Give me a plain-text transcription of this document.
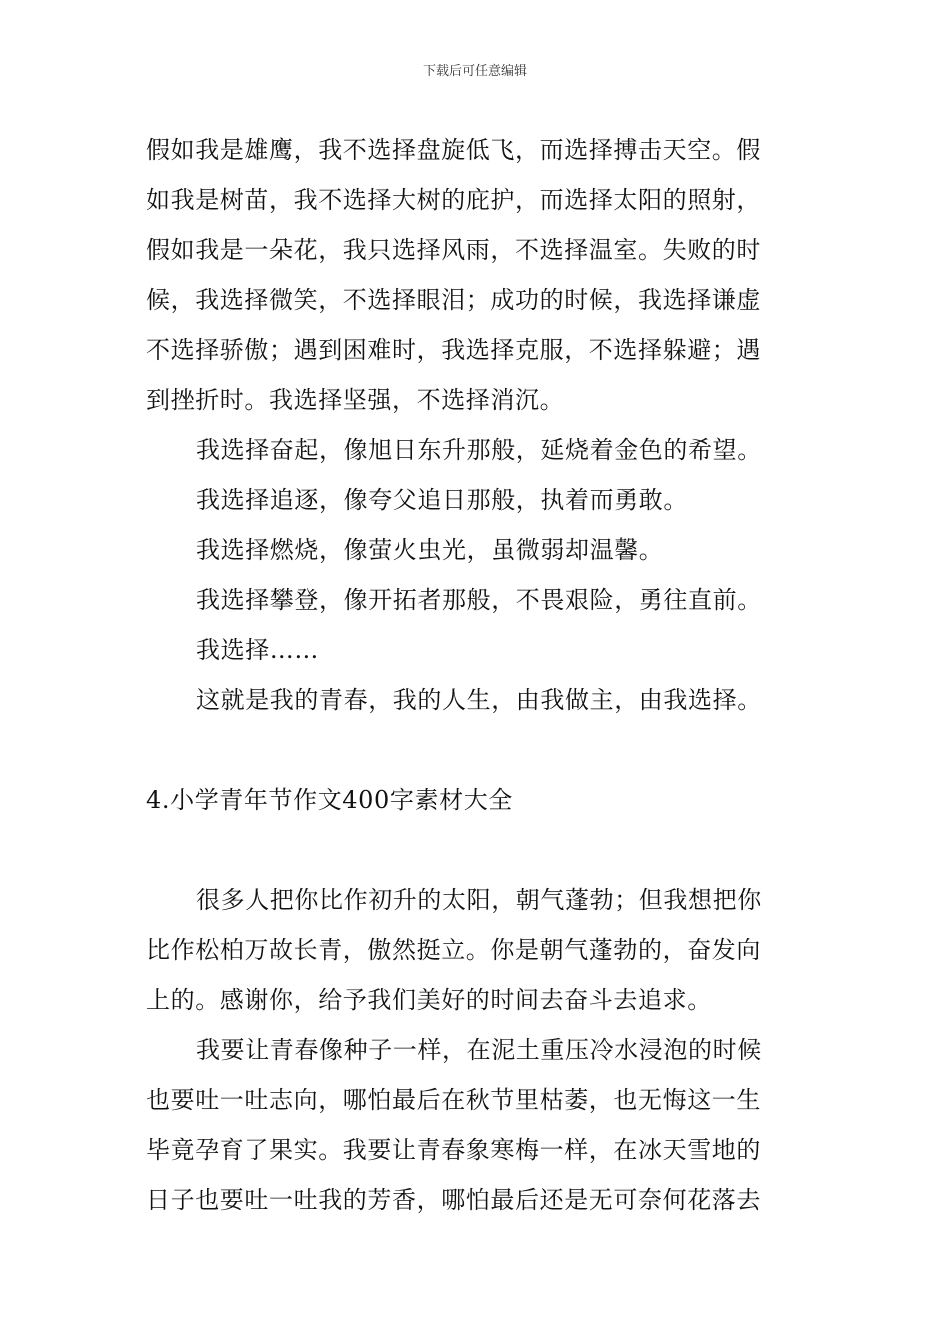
下载后可任意编辑
假如我是雄鹰，我不选择盘旋低飞，而选择搏击天空。假
如我是树苗，我不选择大树的庇护，而选择太阳的照射，
假如我是一朵花，我只选择风雨，不选择温室。失败的时
候，我选择微笑，不选择眼泪；成功的时候，我选择谦虚
不选择骄傲；遇到困难时，我选择克服，不选择躲避；遇
到挫折时。我选择坚强，不选择消沉。
我选择奋起，像旭日东升那般，延烧着金色的希望。
我选择追逐，像夸父追日那般，执着而勇敢。
我选择燃烧，像萤火虫光，虽微弱却温馨。
我选择攀登，像开拓者那般，不畏艰险，勇往直前。
我选择……
这就是我的青春，我的人生，由我做主，由我选择。
4.小学青年节作文400字素材大全
很多人把你比作初升的太阳，朝气蓬勃；但我想把你
比作松柏万故长青，傲然挺立。你是朝气蓬勃的，奋发向
上的。感谢你，给予我们美好的时间去奋斗去追求。
我要让青春像种子一样，在泥土重压冷水浸泡的时候
也要吐一吐志向，哪怕最后在秋节里枯萎，也无悔这一生
毕竟孕育了果实。我要让青春象寒梅一样，在冰天雪地的
日子也要吐一吐我的芳香，哪怕最后还是无可奈何花落去
